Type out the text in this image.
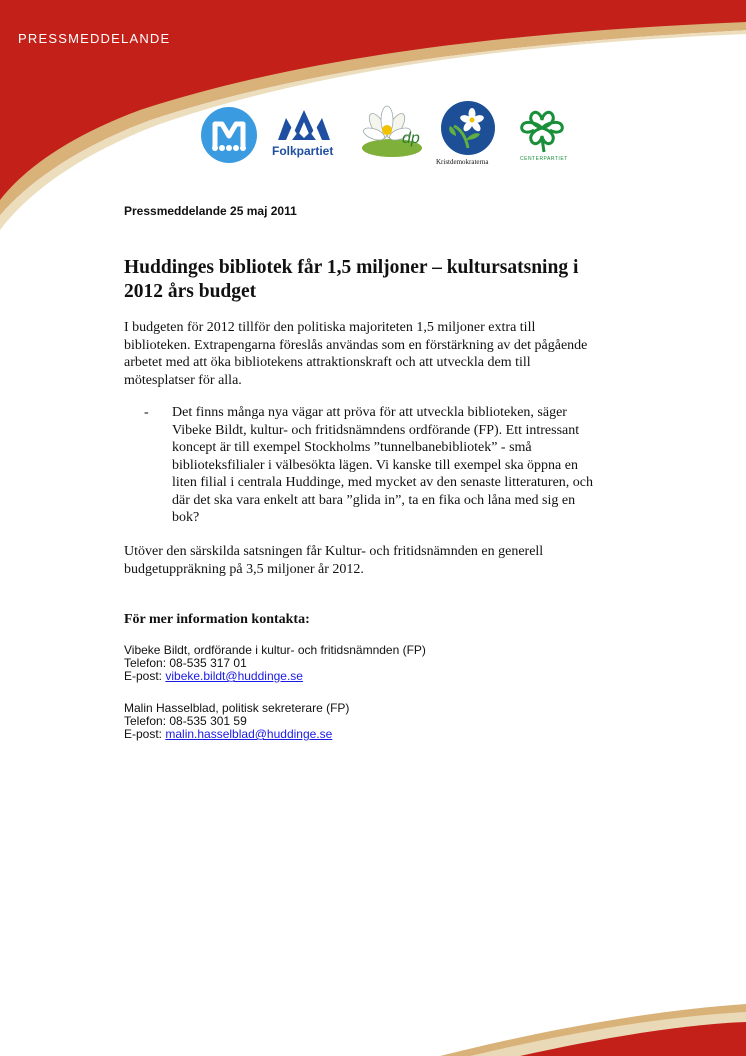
PRESSMEDDELANDE
Folkpartiet
dp
Kristdemokraterna	CENTERPARTIET
Pressmeddelande 25 maj 2011
Huddinges bibliotek får 1,5 miljoner – kultursatsning i 2012 års budget

I budgeten för 2012 tillför den politiska majoriteten 1,5 miljoner extra till biblioteken. Extrapengarna föreslås användas som en förstärkning av det pågående arbetet med att öka bibliotekens attraktionskraft och att utveckla dem till mötesplatser för alla.

- Det finns många nya vägar att pröva för att utveckla biblioteken, säger Vibeke Bildt, kultur- och fritidsnämndens ordförande (FP). Ett intressant koncept är till exempel Stockholms ”tunnelbanebibliotek” - små biblioteksfilialer i välbesökta lägen. Vi kanske till exempel ska öppna en liten filial i centrala Huddinge, med mycket av den senaste litteraturen, och där det ska vara enkelt att bara ”glida in”, ta en fika och låna med sig en bok?

Utöver den särskilda satsningen får Kultur- och fritidsnämnden en generell budgetuppräkning på 3,5 miljoner år 2012.

För mer information kontakta:
Vibeke Bildt, ordförande i kultur- och fritidsnämnden (FP)
Telefon: 08-535 317 01
E-post: vibeke.bildt@huddinge.se
Malin Hasselblad, politisk sekreterare (FP)
Telefon: 08-535 301 59
E-post: malin.hasselblad@huddinge.se
